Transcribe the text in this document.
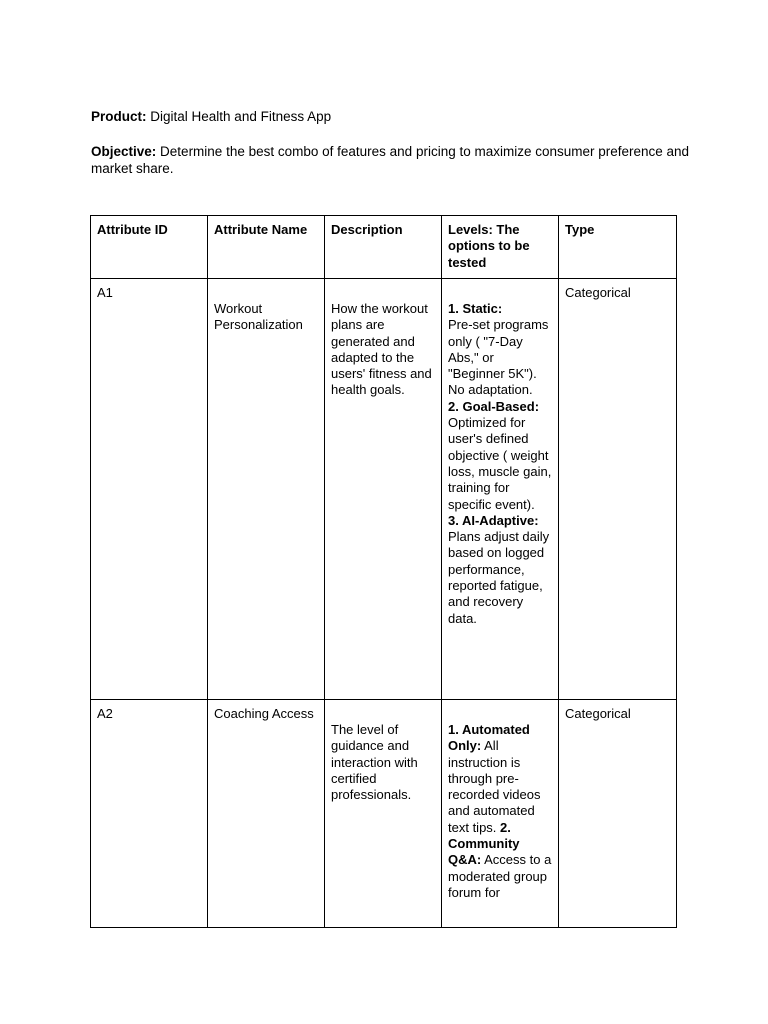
Product: Digital Health and Fitness App

Objective: Determine the best combo of features and pricing to maximize consumer preference and market share.

Attribute ID	Attribute Name	Description	Levels: The options to be tested	Type
A1	Workout Personalization	How the workout plans are generated and adapted to the users' fitness and health goals.	1. Static:
Pre-set programs only ( "7-Day Abs," or "Beginner 5K"). No adaptation.
2. Goal-Based: Optimized for user's defined objective ( weight loss, muscle gain, training for specific event).
3. AI-Adaptive: Plans adjust daily based on logged performance, reported fatigue, and recovery data.	Categorical

A2	Coaching Access	The level of guidance and interaction with certified professionals.	1. Automated Only: All instruction is through pre-recorded videos and automated text tips. 2. Community Q&A: Access to a moderated group forum for	Categorical
